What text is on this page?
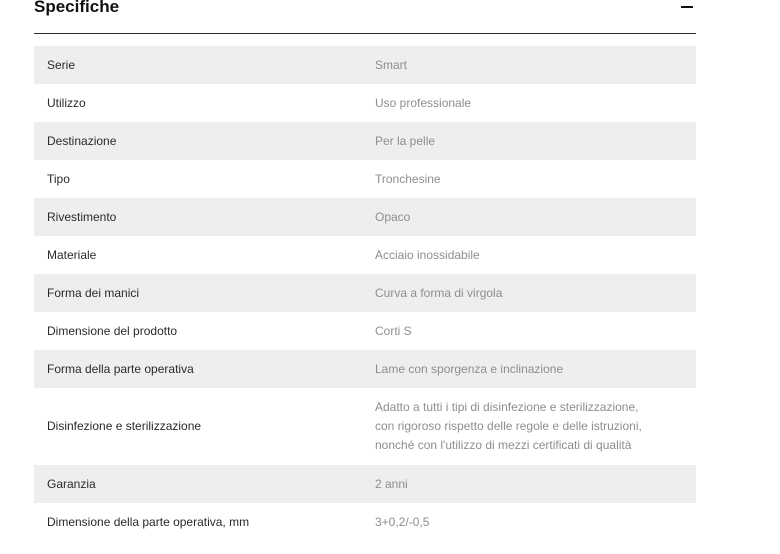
Specifiche
Serie	Smart
Utilizzo	Uso professionale
Destinazione	Per la pelle
Tipo	Tronchesine
Rivestimento	Opaco
Materiale	Acciaio inossidabile
Forma dei manici	Curva a forma di virgola
Dimensione del prodotto	Corti S
Forma della parte operativa	Lame con sporgenza e inclinazione
Disinfezione e sterilizzazione	Adatto a tutti i tipi di disinfezione e sterilizzazione,
con rigoroso rispetto delle regole e delle istruzioni,
nonché con l'utilizzo di mezzi certificati di qualità
Garanzia	2 anni
Dimensione della parte operativa, mm	3+0,2/-0,5
